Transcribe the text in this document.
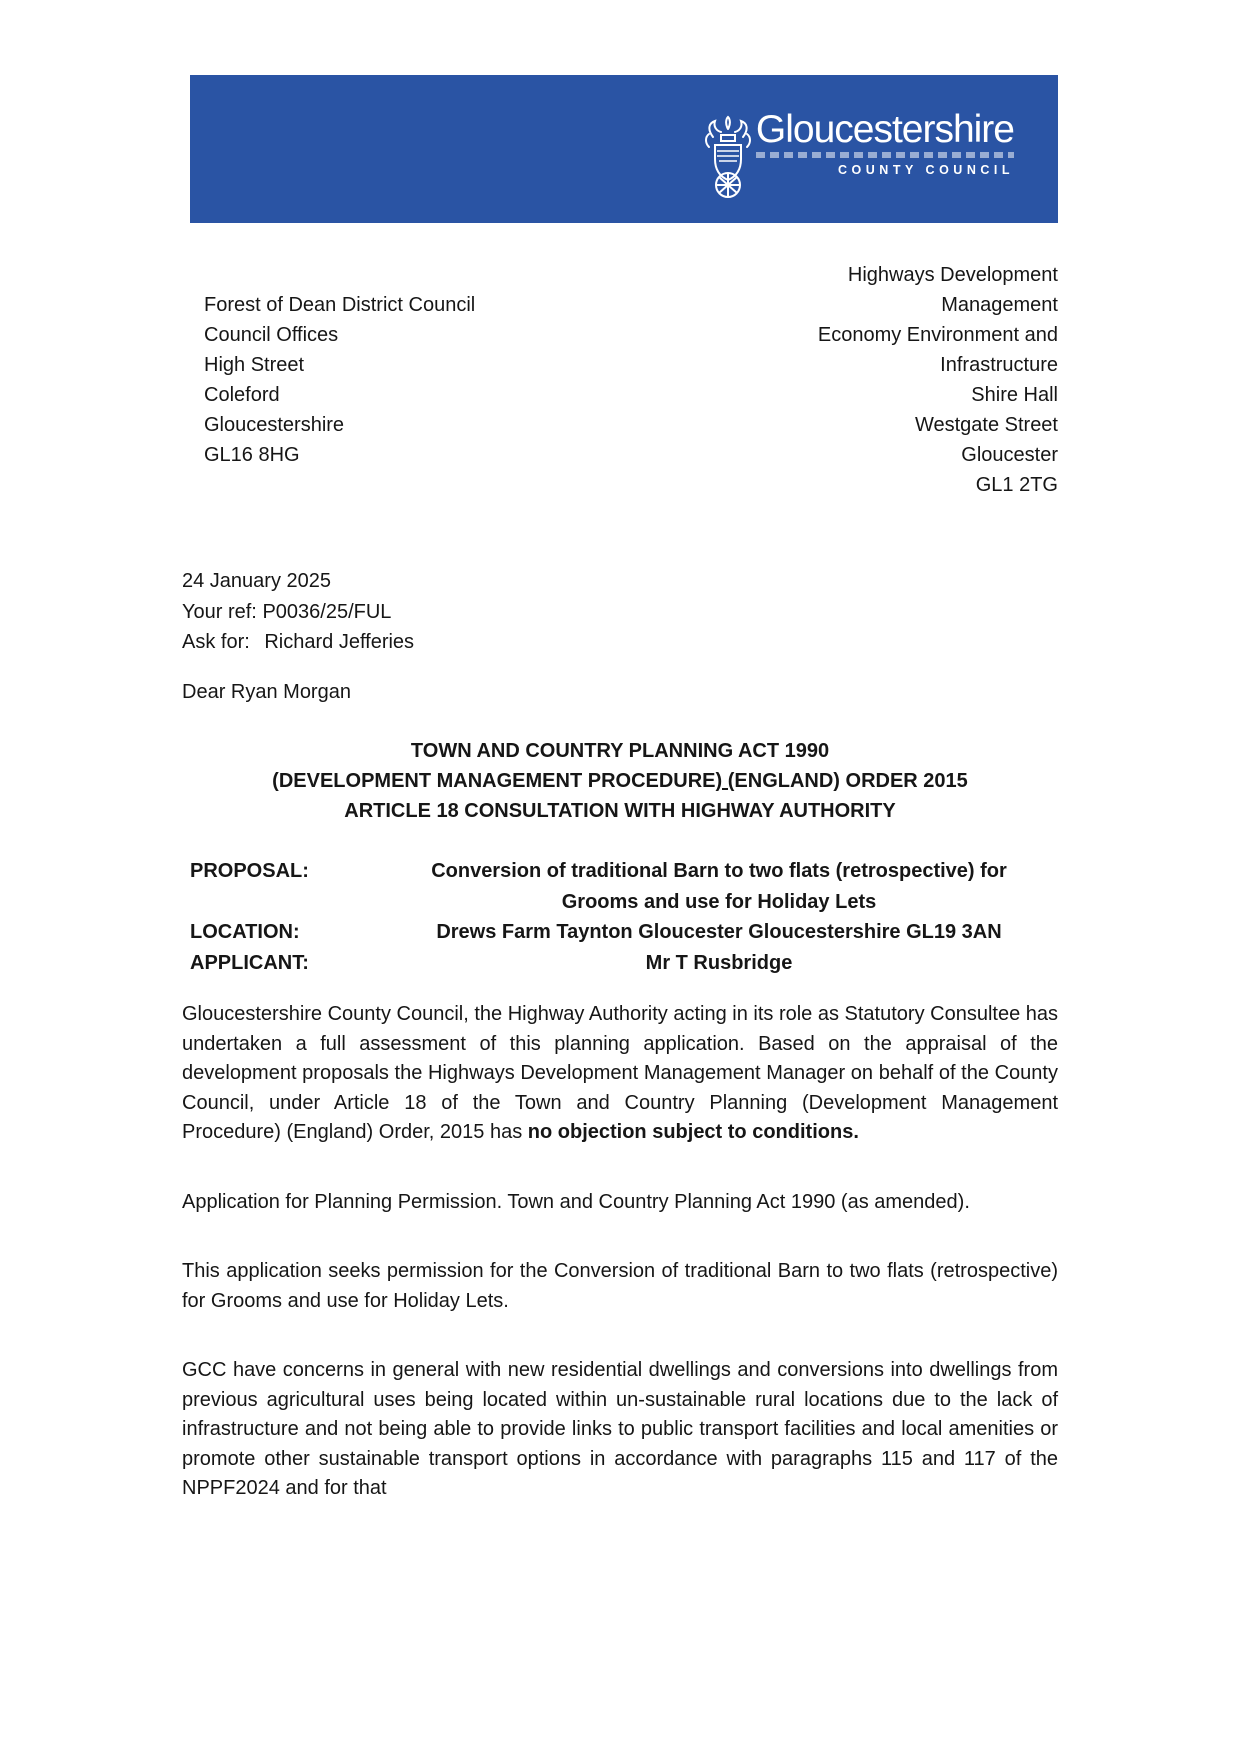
Gloucestershire
COUNTY COUNCIL
Forest of Dean District Council
Council Offices
High Street
Coleford
Gloucestershire
GL16 8HG
Highways Development
Management
Economy Environment and
Infrastructure
Shire Hall
Westgate Street
Gloucester
GL1 2TG
24 January 2025
Your ref: P0036/25/FUL
Ask for: Richard Jefferies
Dear Ryan Morgan
TOWN AND COUNTRY PLANNING ACT 1990
(DEVELOPMENT MANAGEMENT PROCEDURE) (ENGLAND) ORDER 2015
ARTICLE 18 CONSULTATION WITH HIGHWAY AUTHORITY
PROPOSAL:	Conversion of traditional Barn to two flats (retrospective) for
Grooms and use for Holiday Lets
LOCATION:	Drews Farm Taynton Gloucester Gloucestershire GL19 3AN
APPLICANT:	Mr T Rusbridge

Gloucestershire County Council, the Highway Authority acting in its role as Statutory Consultee has undertaken a full assessment of this planning application. Based on the appraisal of the development proposals the Highways Development Management Manager on behalf of the County Council, under Article 18 of the Town and Country Planning (Development Management Procedure) (England) Order, 2015 has no objection subject to conditions.

Application for Planning Permission. Town and Country Planning Act 1990 (as amended).

This application seeks permission for the Conversion of traditional Barn to two flats (retrospective) for Grooms and use for Holiday Lets.

GCC have concerns in general with new residential dwellings and conversions into dwellings from previous agricultural uses being located within un-sustainable rural locations due to the lack of infrastructure and not being able to provide links to public transport facilities and local amenities or promote other sustainable transport options in accordance with paragraphs 115 and 117 of the NPPF2024 and for that
